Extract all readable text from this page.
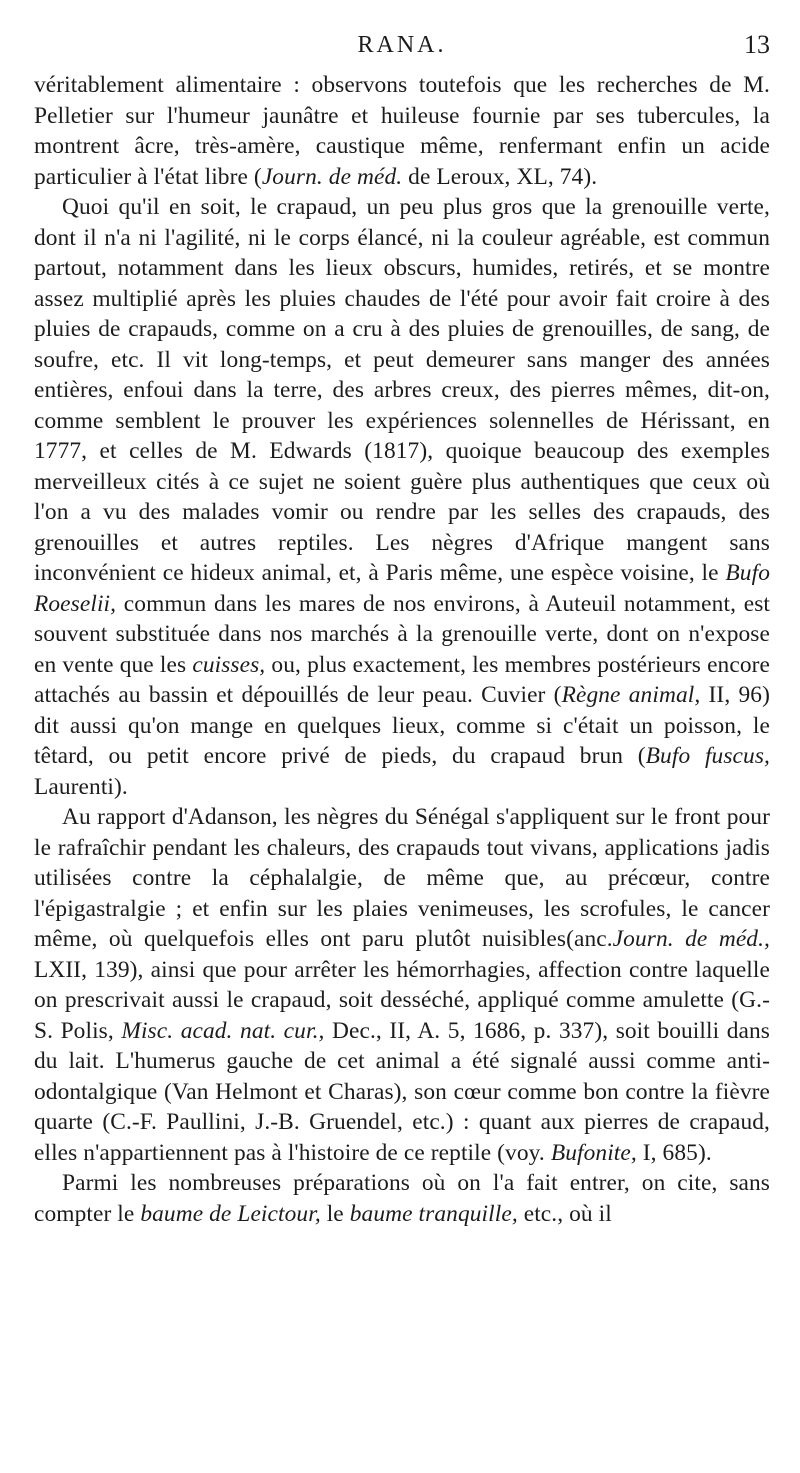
RANA.	13

véritablement alimentaire : observons toutefois que les recherches de M. Pelletier sur l'humeur jaunâtre et huileuse fournie par ses tubercules, la montrent âcre, très-amère, caustique même, renfermant enfin un acide particulier à l'état libre (Journ. de méd. de Leroux, XL, 74).

Quoi qu'il en soit, le crapaud, un peu plus gros que la grenouille verte, dont il n'a ni l'agilité, ni le corps élancé, ni la couleur agréable, est commun partout, notamment dans les lieux obscurs, humides, retirés, et se montre assez multiplié après les pluies chaudes de l'été pour avoir fait croire à des pluies de crapauds, comme on a cru à des pluies de grenouilles, de sang, de soufre, etc. Il vit long-temps, et peut demeurer sans manger des années entières, enfoui dans la terre, des arbres creux, des pierres mêmes, dit-on, comme semblent le prouver les expériences solennelles de Hérissant, en 1777, et celles de M. Edwards (1817), quoique beaucoup des exemples merveilleux cités à ce sujet ne soient guère plus authentiques que ceux où l'on a vu des malades vomir ou rendre par les selles des crapauds, des grenouilles et autres reptiles. Les nègres d'Afrique mangent sans inconvénient ce hideux animal, et, à Paris même, une espèce voisine, le Bufo Roeselii, commun dans les mares de nos environs, à Auteuil notamment, est souvent substituée dans nos marchés à la grenouille verte, dont on n'expose en vente que les cuisses, ou, plus exactement, les membres postérieurs encore attachés au bassin et dépouillés de leur peau. Cuvier (Règne animal, II, 96) dit aussi qu'on mange en quelques lieux, comme si c'était un poisson, le têtard, ou petit encore privé de pieds, du crapaud brun (Bufo fuscus, Laurenti).

Au rapport d'Adanson, les nègres du Sénégal s'appliquent sur le front pour le rafraîchir pendant les chaleurs, des crapauds tout vivans, applications jadis utilisées contre la céphalalgie, de même que, au précœur, contre l'épigastralgie ; et enfin sur les plaies venimeuses, les scrofules, le cancer même, où quelquefois elles ont paru plutôt nuisibles(anc.Journ. de méd., LXII, 139), ainsi que pour arrêter les hémorrhagies, affection contre laquelle on prescrivait aussi le crapaud, soit desséché, appliqué comme amulette (G.-S. Polis, Misc. acad. nat. cur., Dec., II, A. 5, 1686, p. 337), soit bouilli dans du lait. L'humerus gauche de cet animal a été signalé aussi comme anti-odontalgique (Van Helmont et Charas), son cœur comme bon contre la fièvre quarte (C.-F. Paullini, J.-B. Gruendel, etc.) : quant aux pierres de crapaud, elles n'appartiennent pas à l'histoire de ce reptile (voy. Bufonite, I, 685).

Parmi les nombreuses préparations où on l'a fait entrer, on cite, sans compter le baume de Leictour, le baume tranquille, etc., où il
